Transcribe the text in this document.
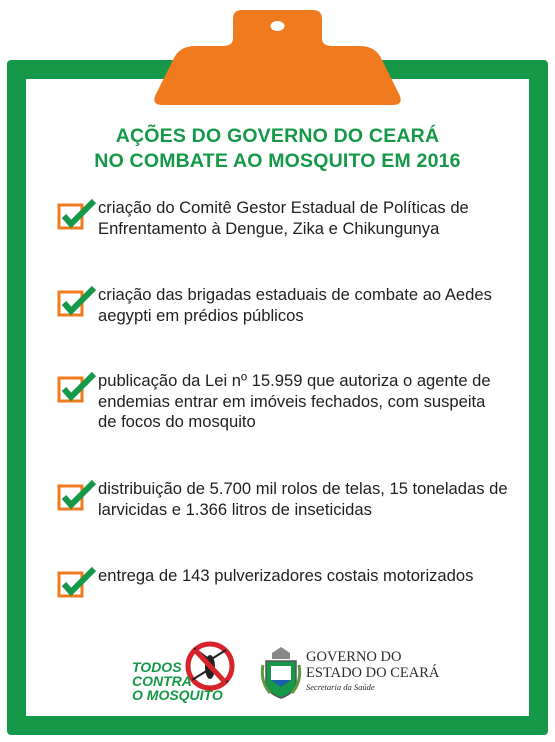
AÇÕES DO GOVERNO DO CEARÁ
NO COMBATE AO MOSQUITO EM 2016
criação do Comitê Gestor Estadual de Políticas de Enfrentamento à Dengue, Zika e Chikungunya
criação das brigadas estaduais de combate ao Aedes aegypti em prédios públicos
publicação da Lei nº 15.959 que autoriza o agente de endemias entrar em imóveis fechados, com suspeita de focos do mosquito
distribuição de 5.700 mil rolos de telas, 15 toneladas de larvicidas e 1.366 litros de inseticidas
entrega de 143 pulverizadores costais motorizados
TODOS
CONTRA
O MOSQUITO
GOVERNO DO
ESTADO DO CEARÁ
Secretaria da Saúde
